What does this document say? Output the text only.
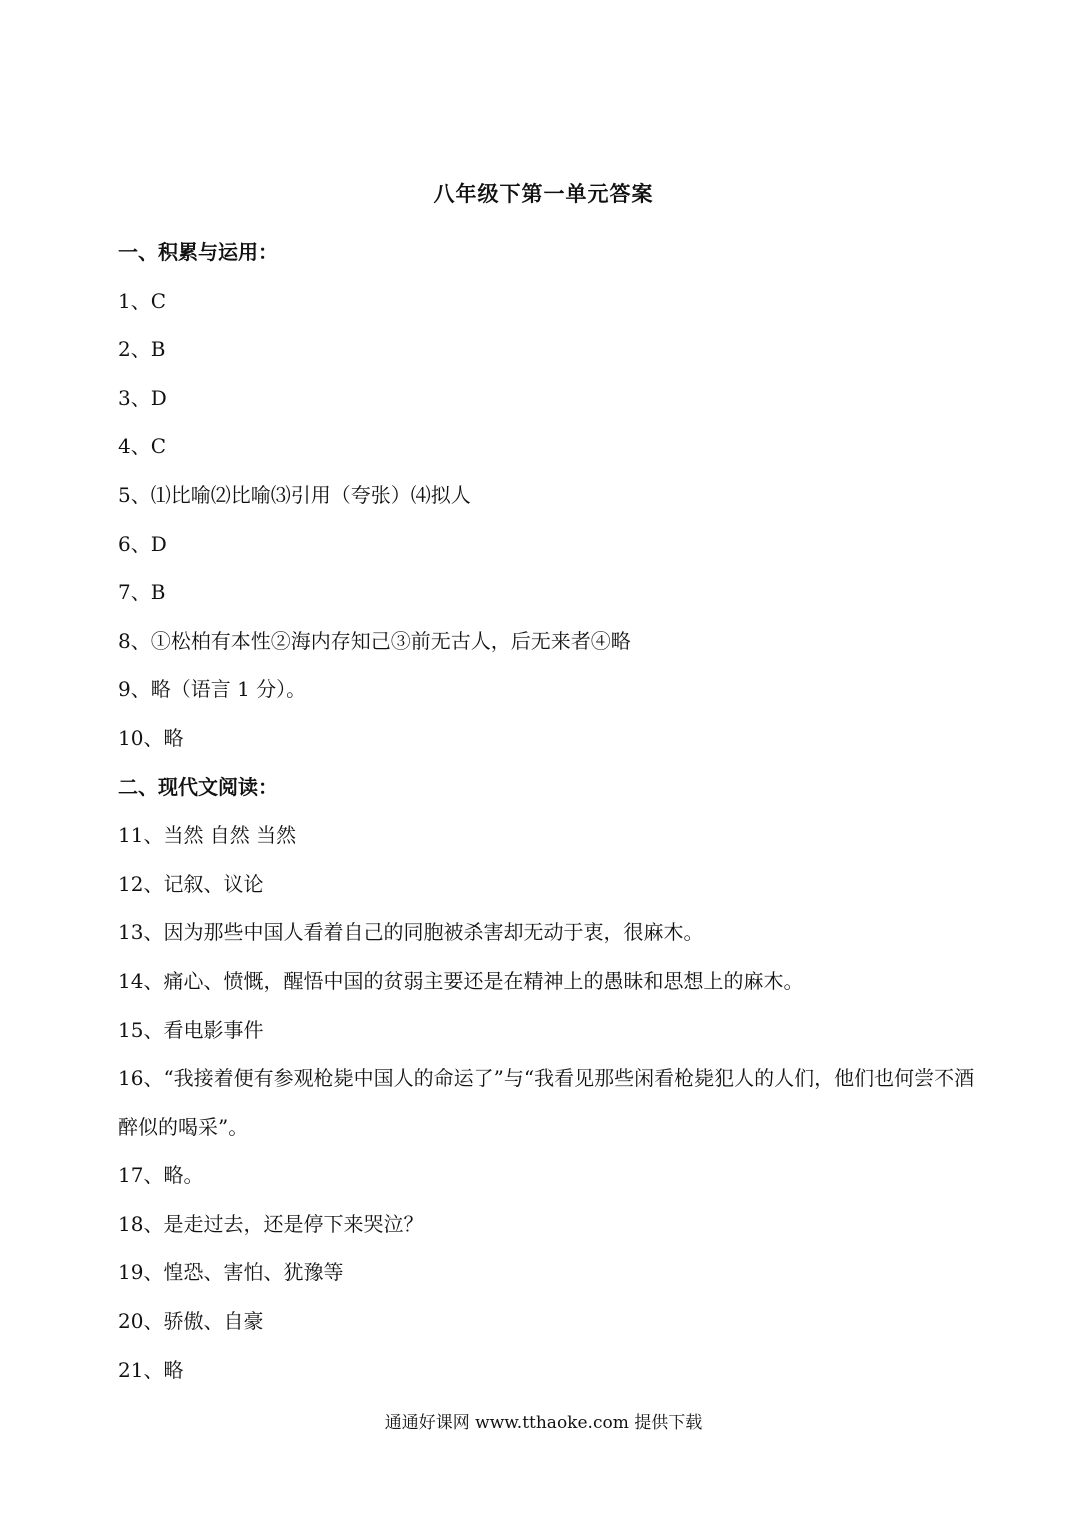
八年级下第一单元答案
一、积累与运用：
1、C
2、B
3、D
4、C
5、⑴比喻⑵比喻⑶引用（夸张）⑷拟人
6、D
7、B
8、①松柏有本性②海内存知己③前无古人，后无来者④略
9、略（语言 1 分）。
10、略
二、现代文阅读：
11、当然 自然 当然
12、记叙、议论
13、因为那些中国人看着自己的同胞被杀害却无动于衷，很麻木。
14、痛心、愤慨，醒悟中国的贫弱主要还是在精神上的愚昧和思想上的麻木。
15、看电影事件
16、“我接着便有参观枪毙中国人的命运了”与“我看见那些闲看枪毙犯人的人们，他们也何尝不酒醉似的喝采”。
17、略。
18、是走过去，还是停下来哭泣？
19、惶恐、害怕、犹豫等
20、骄傲、自豪
21、略
通通好课网 www.tthaoke.com 提供下载
